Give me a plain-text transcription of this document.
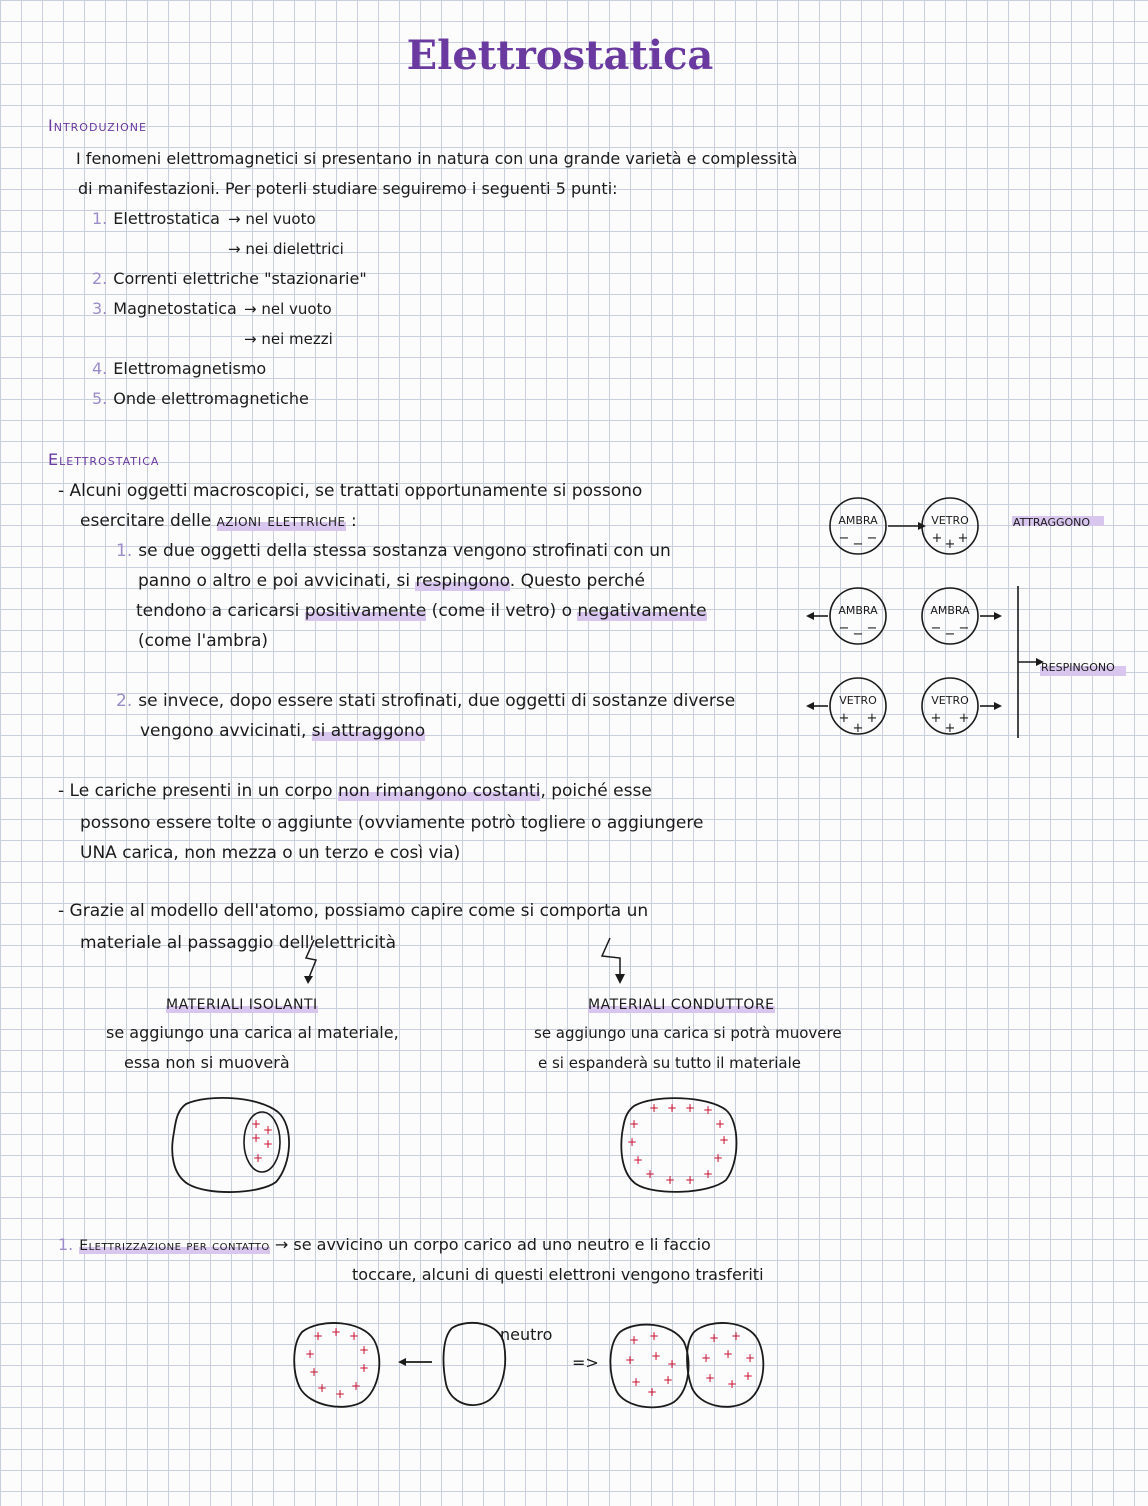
Elettrostatica
Introduzione
I fenomeni elettromagnetici si presentano in natura con una grande varietà e complessità
di manifestazioni. Per poterli studiare seguiremo i seguenti 5 punti:
1. Elettrostatica → nel vuoto
→ nei dielettrici
2. Correnti elettriche "stazionarie"
3. Magnetostatica → nel vuoto
→ nei mezzi
4. Elettromagnetismo
5. Onde elettromagnetiche
Elettrostatica
- Alcuni oggetti macroscopici, se trattati opportunamente si possono
esercitare delle azioni elettriche :
1. se due oggetti della stessa sostanza vengono strofinati con un
panno o altro e poi avvicinati, si respingono. Questo perché
tendono a caricarsi positivamente (come il vetro) o negativamente
(come l'ambra)
2. se invece, dopo essere stati strofinati, due oggetti di sostanze diverse
vengono avvicinati, si attraggono
- Le cariche presenti in un corpo non rimangono costanti, poiché esse
possono essere tolte o aggiunte (ovviamente potrò togliere o aggiungere
UNA carica, non mezza o un terzo e così via)
- Grazie al modello dell'atomo, possiamo capire come si comporta un
materiale al passaggio dell'elettricità
AMBRA	VETRO
AMBRA	AMBRA
VETRO	VETRO
− − −	+ + +
− − −	− − −
+
+
+	+
+
+
ATTRAGGONO
RESPINGONO
MATERIALI ISOLANTI
se aggiungo una carica al materiale,
essa non si muoverà
MATERIALI CONDUTTORE
se aggiungo una carica si potrà muovere
e si espanderà su tutto il materiale
+ +
+ +
+
+ + + +
+	+
+	+
+	+
+ + + +
1. Elettrizzazione per contatto → se avvicino un corpo carico ad uno neutro e li faccio
toccare, alcuni di questi elettroni vengono trasferiti
neutro
=>
+ + +
+	+
+	+
+ +
+
+ +
+ +
+
+
+
+
+ +
+ + +
+ +
+
